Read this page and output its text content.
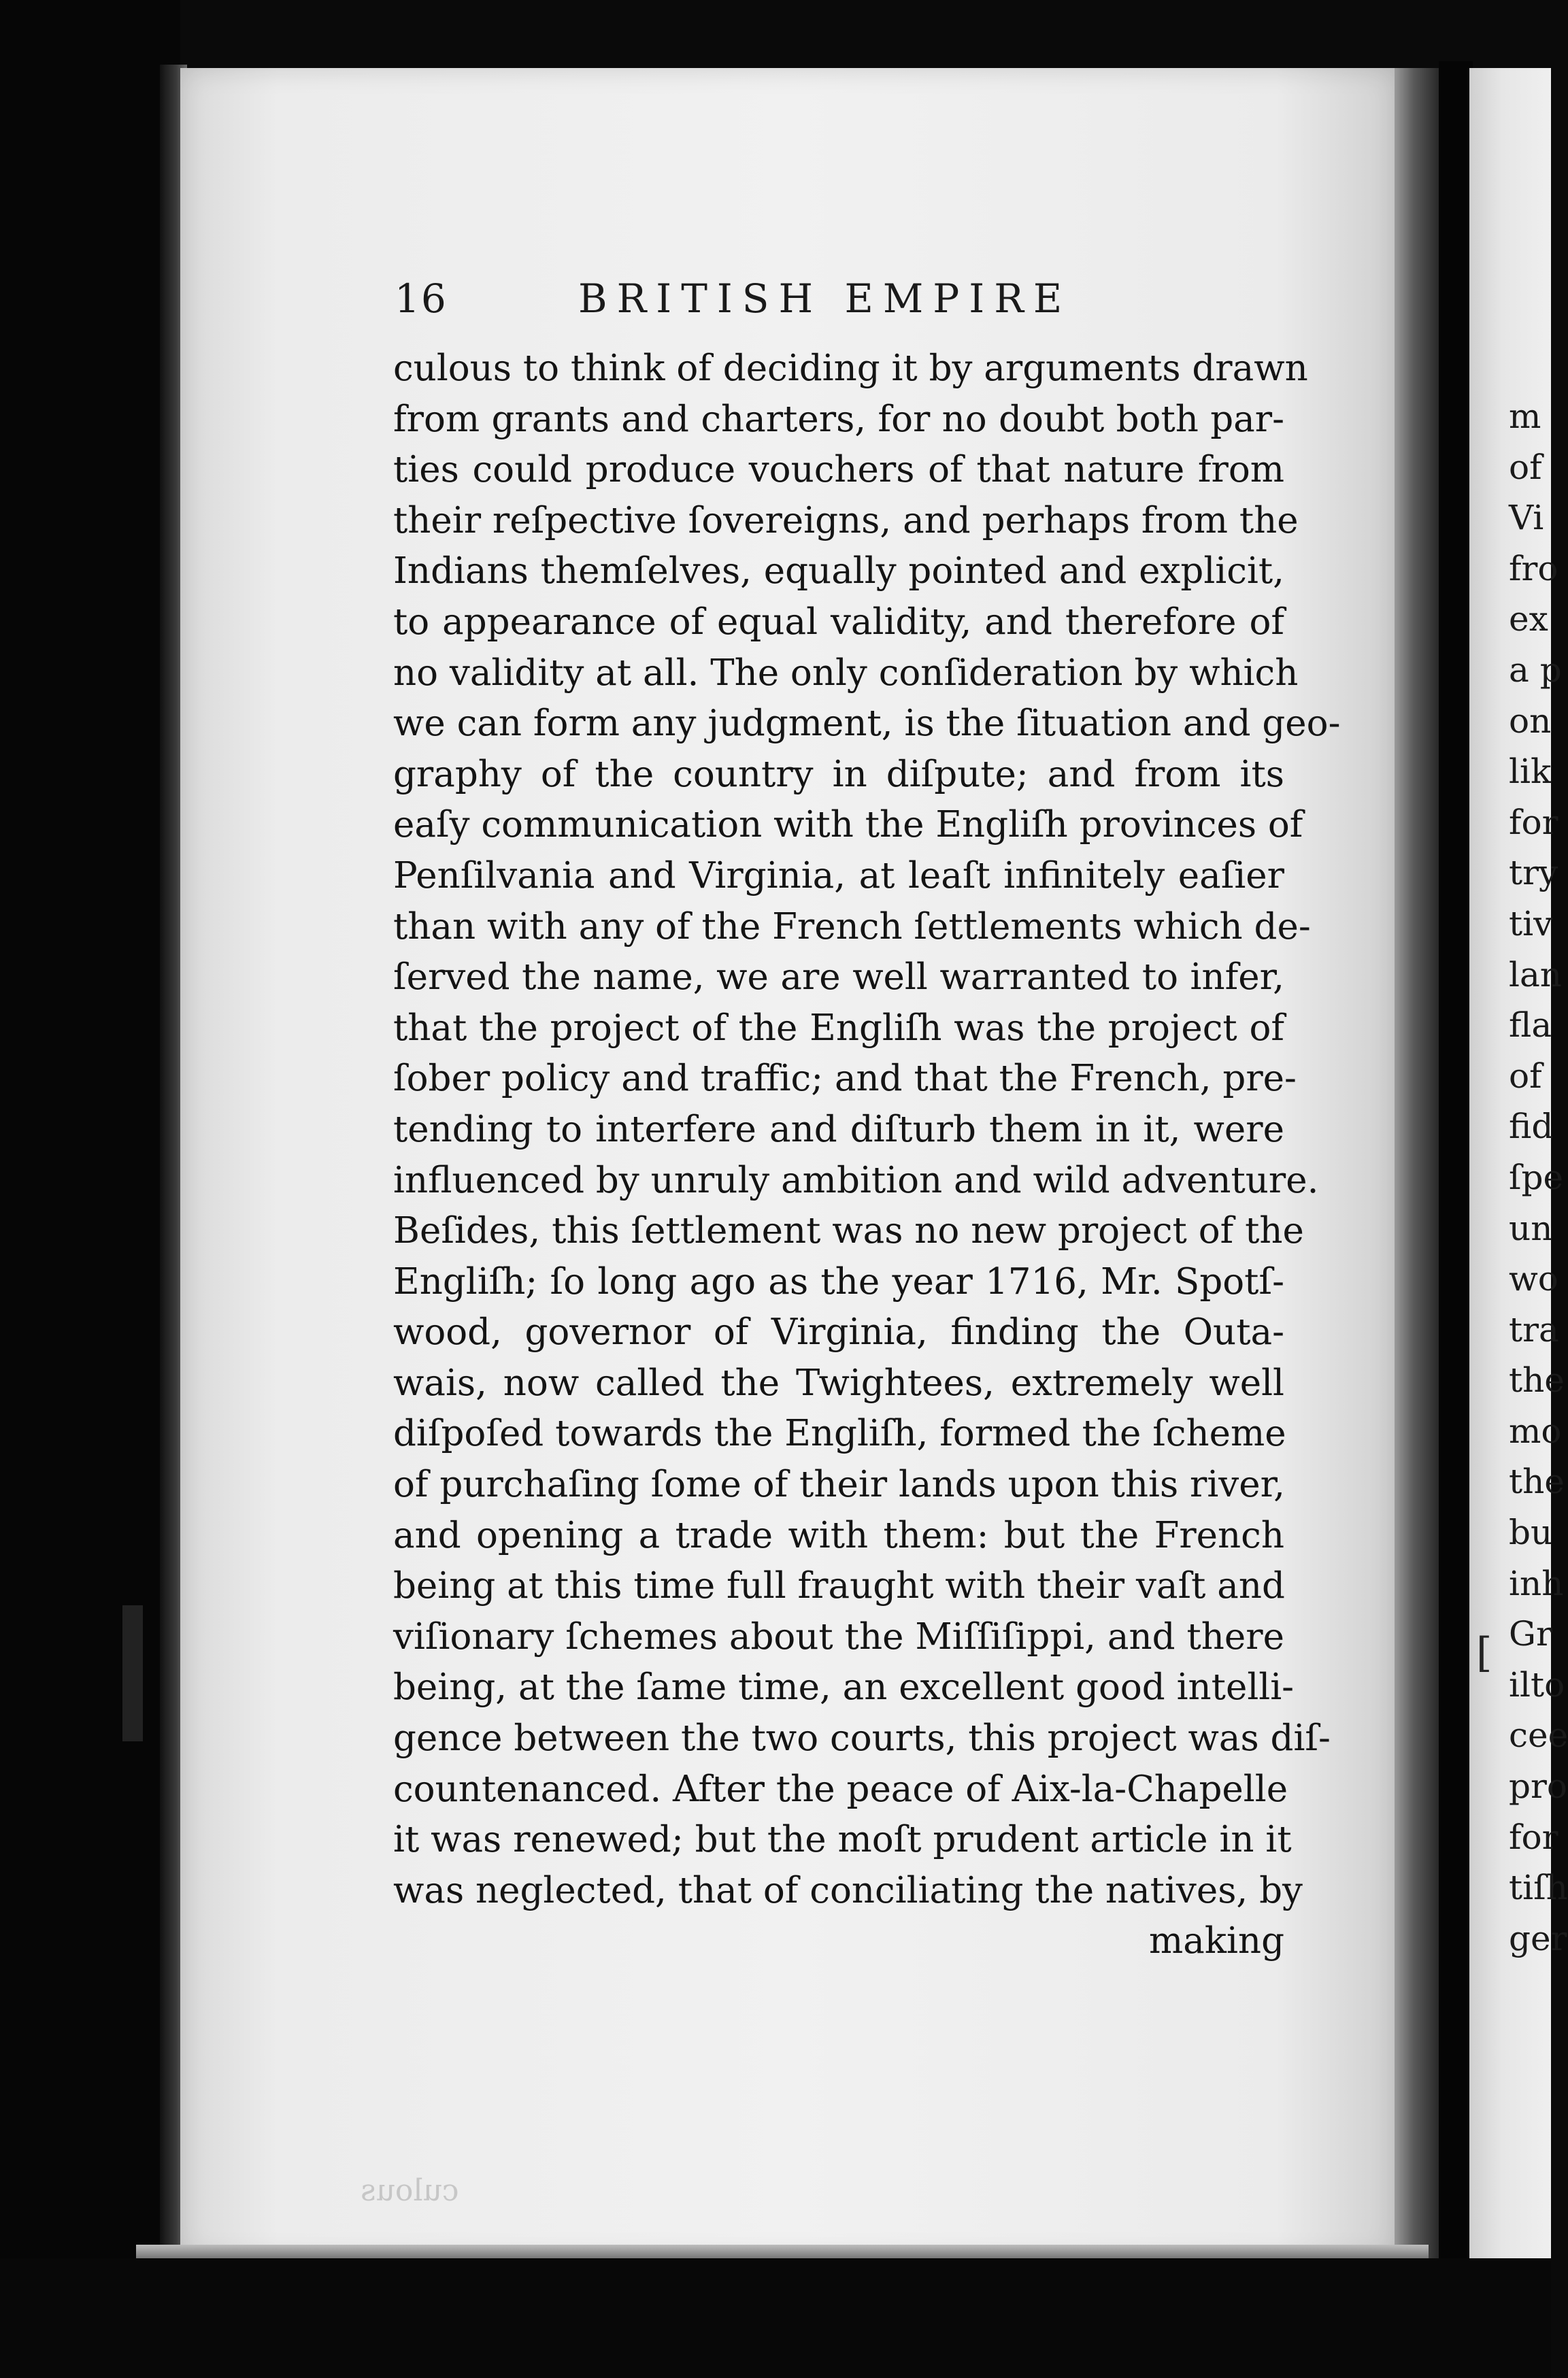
m
of
Vi
fro
ex
a p
on
lik
for
try
tiv
lan
fla
of
fid
ſpe
un
wo
tra
the
mo
the
bu
inh
Gr
ilto
cee
pro
for
tiſh
ger
[
16	BRITISH EMPIRE
culous to think of deciding it by arguments drawn
from grants and charters, for no doubt both par-
ties could produce vouchers of that nature from
their reſpective ſovereigns, and perhaps from the
Indians themſelves, equally pointed and explicit,
to appearance of equal validity, and therefore of
no validity at all. The only conſideration by which
we can form any judgment, is the ſituation and geo-
graphy of the country in diſpute; and from its
eaſy communication with the Engliſh provinces of
Penſilvania and Virginia, at leaſt infinitely eaſier
than with any of the French ſettlements which de-
ſerved the name, we are well warranted to infer,
that the project of the Engliſh was the project of
ſober policy and traffic; and that the French, pre-
tending to interfere and diſturb them in it, were
influenced by unruly ambition and wild adventure.
Beſides, this ſettlement was no new project of the
Engliſh; ſo long ago as the year 1716, Mr. Spotſ-
wood, governor of Virginia, finding the Outa-
wais, now called the Twightees, extremely well
diſpoſed towards the Engliſh, formed the ſcheme
of purchaſing ſome of their lands upon this river,
and opening a trade with them: but the French
being at this time full fraught with their vaſt and
viſionary ſchemes about the Miſſiſippi, and there
being, at the ſame time, an excellent good intelli-
gence between the two courts, this project was diſ-
countenanced. After the peace of Aix-la-Chapelle
it was renewed; but the moſt prudent article in it
was neglected, that of conciliating the natives, by
making
culous
